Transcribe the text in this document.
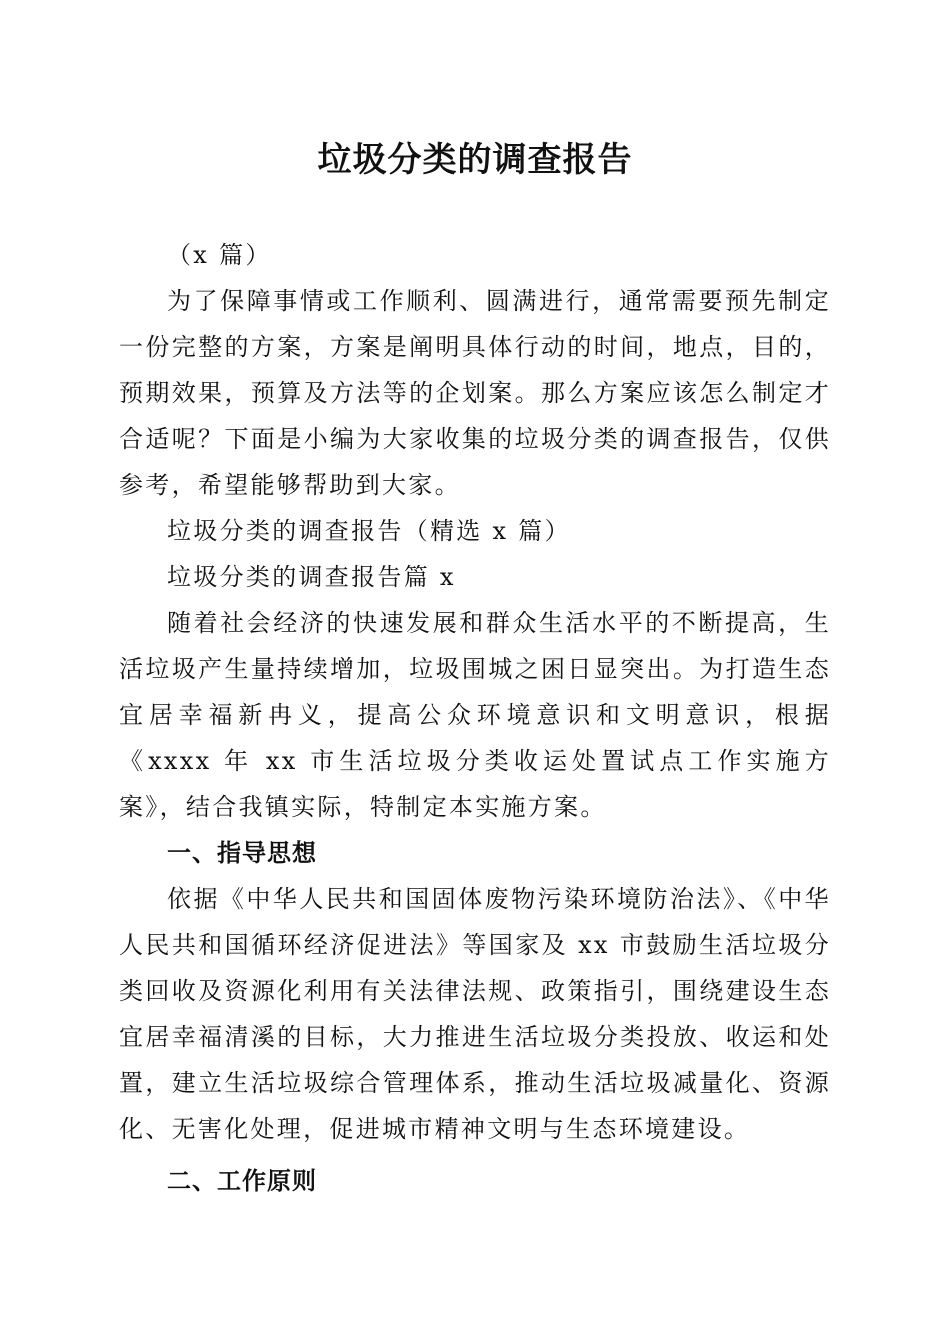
垃圾分类的调查报告

（x 篇）

为了保障事情或工作顺利、圆满进行，通常需要预先制定一份完整的方案，方案是阐明具体行动的时间，地点，目的，预期效果，预算及方法等的企划案。那么方案应该怎么制定才合适呢？下面是小编为大家收集的垃圾分类的调查报告，仅供参考，希望能够帮助到大家。

垃圾分类的调查报告（精选 x 篇）

垃圾分类的调查报告篇 x

随着社会经济的快速发展和群众生活水平的不断提高，生活垃圾产生量持续增加，垃圾围城之困日显突出。为打造生态宜居幸福新冉义，提高公众环境意识和文明意识，根据《xxxx 年 xx 市生活垃圾分类收运处置试点工作实施方案》，结合我镇实际，特制定本实施方案。

一、指导思想

依据《中华人民共和国固体废物污染环境防治法》、《中华人民共和国循环经济促进法》等国家及 xx 市鼓励生活垃圾分类回收及资源化利用有关法律法规、政策指引，围绕建设生态宜居幸福清溪的目标，大力推进生活垃圾分类投放、收运和处置，建立生活垃圾综合管理体系，推动生活垃圾减量化、资源化、无害化处理，促进城市精神文明与生态环境建设。

二、工作原则
